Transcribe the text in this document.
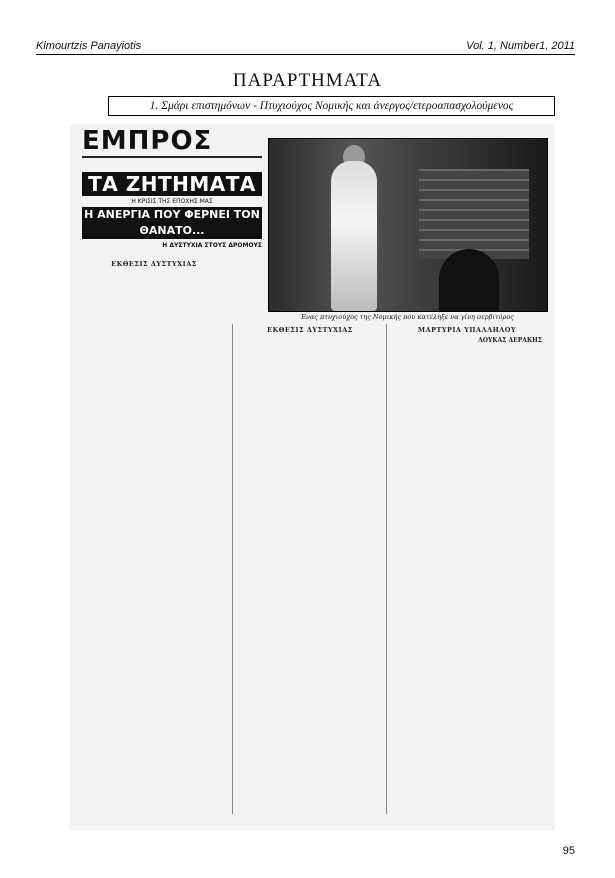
Kimourtzis Panayiotis	Vol. 1, Number1, 2011
ΠΑΡΑΡΤΗΜΑΤΑ
1. Σμάρι επιστημόνων - Πτυχιούχος Νομικής και άνεργος/ετεροαπασχολούμενος
ΕΜΠΡΟΣ
ΤΑ ΖΗΤΗΜΑΤΑ
Η ΚΡΙΣΙΣ ΤΗΣ ΕΠΟΧΗΣ ΜΑΣ
Η ΑΝΕΡΓΙΑ ΠΟΥ ΦΕΡΝΕΙ ΤΟΝ ΘΑΝΑΤΟ...
Η ΔΥΣΤΥΧΙΑ ΣΤΟΥΣ ΔΡΟΜΟΥΣ
Ένας πτυχιούχος της Νομικής που κατέληξε να γίνη σερβιτόρος
ΕΚΘΕΣΙΣ ΔΥΣΤΥΧΙΑΣ
ΕΚΘΕΣΙΣ ΔΥΣΤΥΧΙΑΣ	ΜΑΡΤΥΡΙΑ ΥΠΑΛΛΗΛΟΥ
ΛΟΥΚΑΣ ΔΕΡΑΚΗΣ
95
